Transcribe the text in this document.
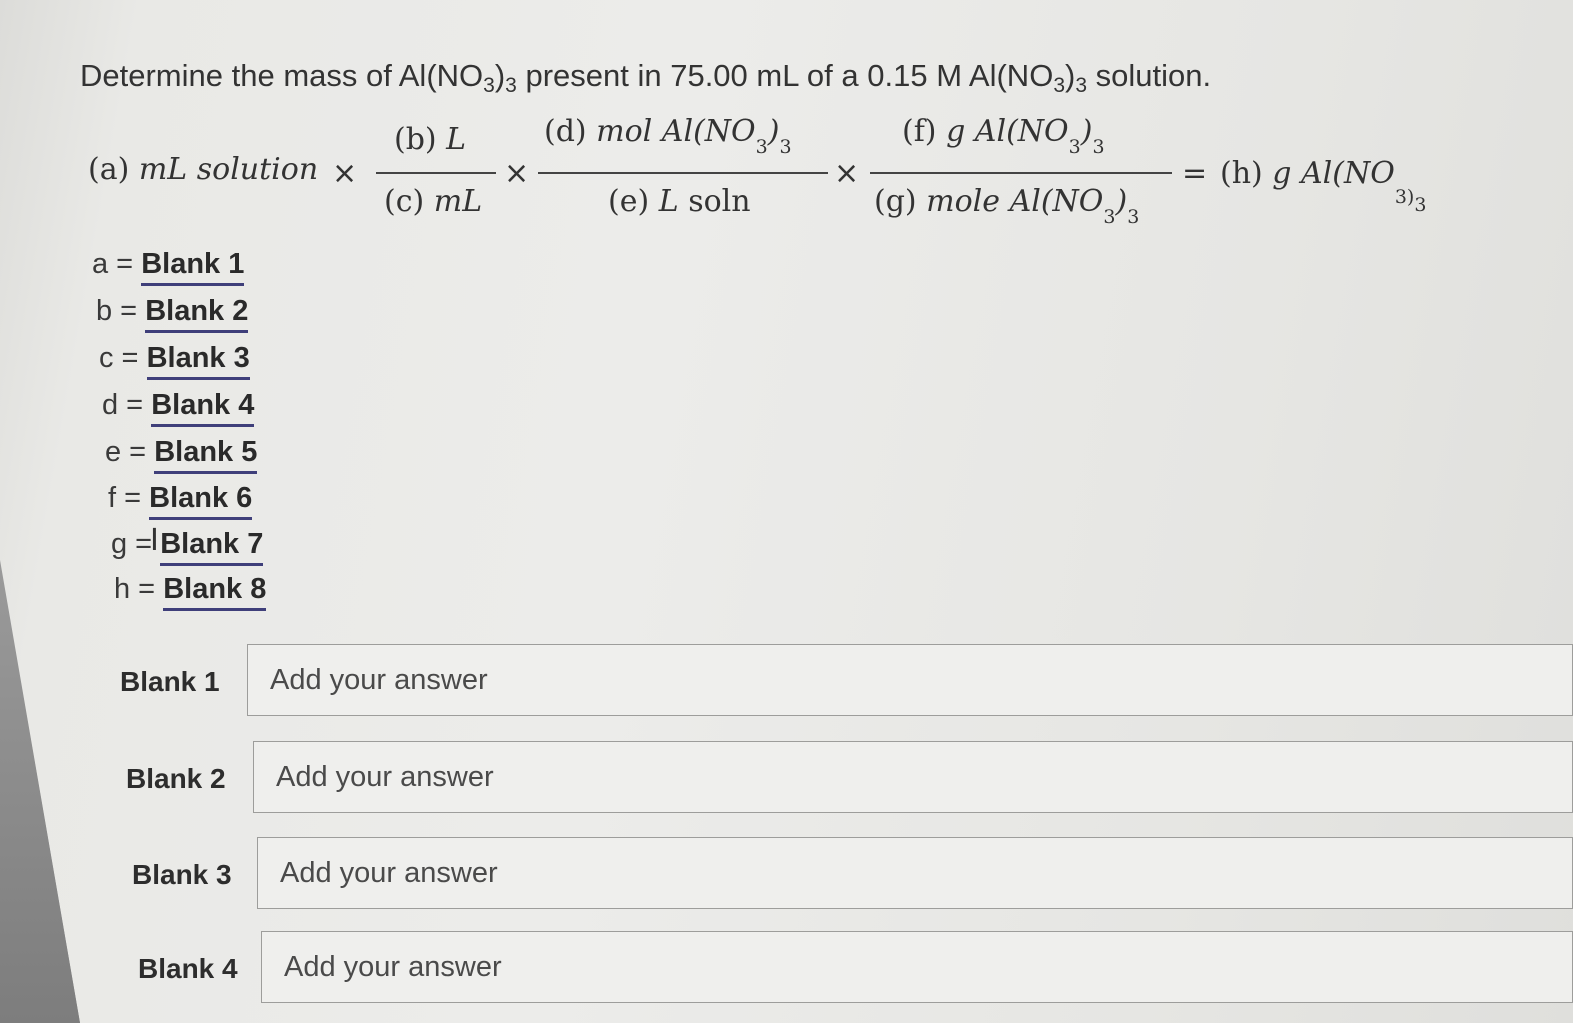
Determine the mass of $Al(NO_3)_3$ present in 75.00 mL of a 0.15 M $Al(NO_3)_3$ solution.
(a) mL solution ×
(b) L
(c) mL
×
(d) mol $Al(NO_3)_3$
(e) L soln
×
(f) g $Al(NO_3)_3$
(g) mole $Al(NO_3)_3$
= (h) g $Al(NO_{3)3}$
a = Blank 1
b = Blank 2
c = Blank 3
d = Blank 4
e = Blank 5
f = Blank 6
g = Blank 7
h = Blank 8
I
Blank 1
Add your answer
Blank 2
Add your answer
Blank 3
Add your answer
Blank 4
Add your answer
